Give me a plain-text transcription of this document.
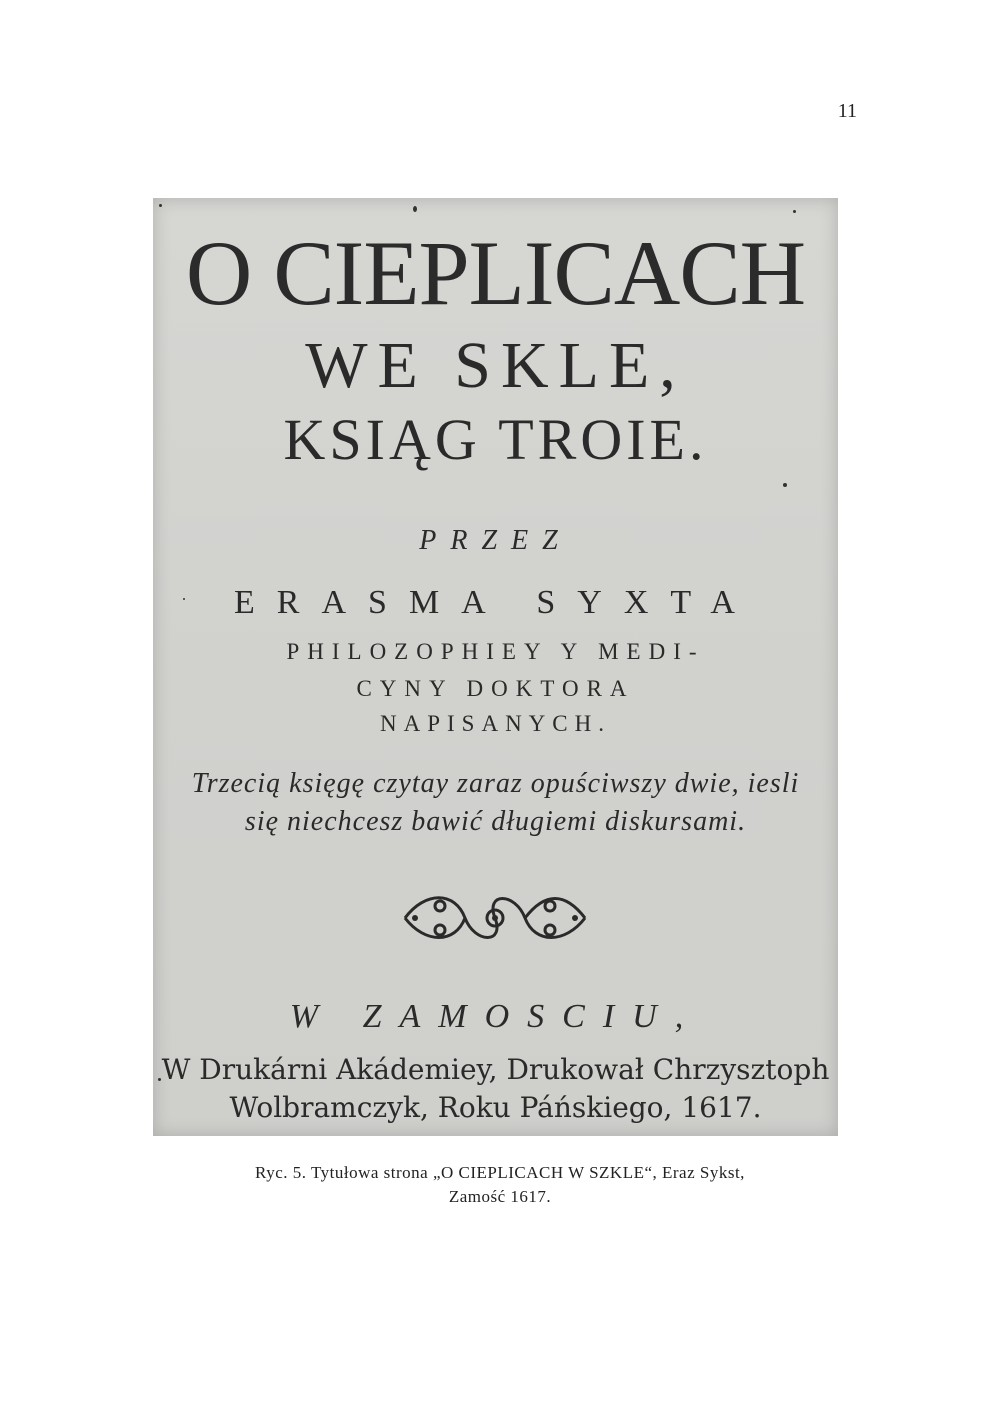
11
O CIEPLICACH
WE SKLE,
KSIĄG TROIE.
PRZEZ
ERASMA SYXTA
PHILOZOPHIEY Y MEDI-
CYNY DOKTORA
NAPISANYCH.
Trzecią księgę czytay zaraz opuściwszy dwie, iesli
się niechcesz bawić długiemi diskursami.
W ZAMOSCIU,
W Drukárni Akádemiey, Drukował Chrzysztoph
Wolbramczyk, Roku Páńskiego, 1617.
Ryc. 5. Tytułowa strona „O CIEPLICACH W SZKLE“, Eraz Sykst,
Zamość 1617.
